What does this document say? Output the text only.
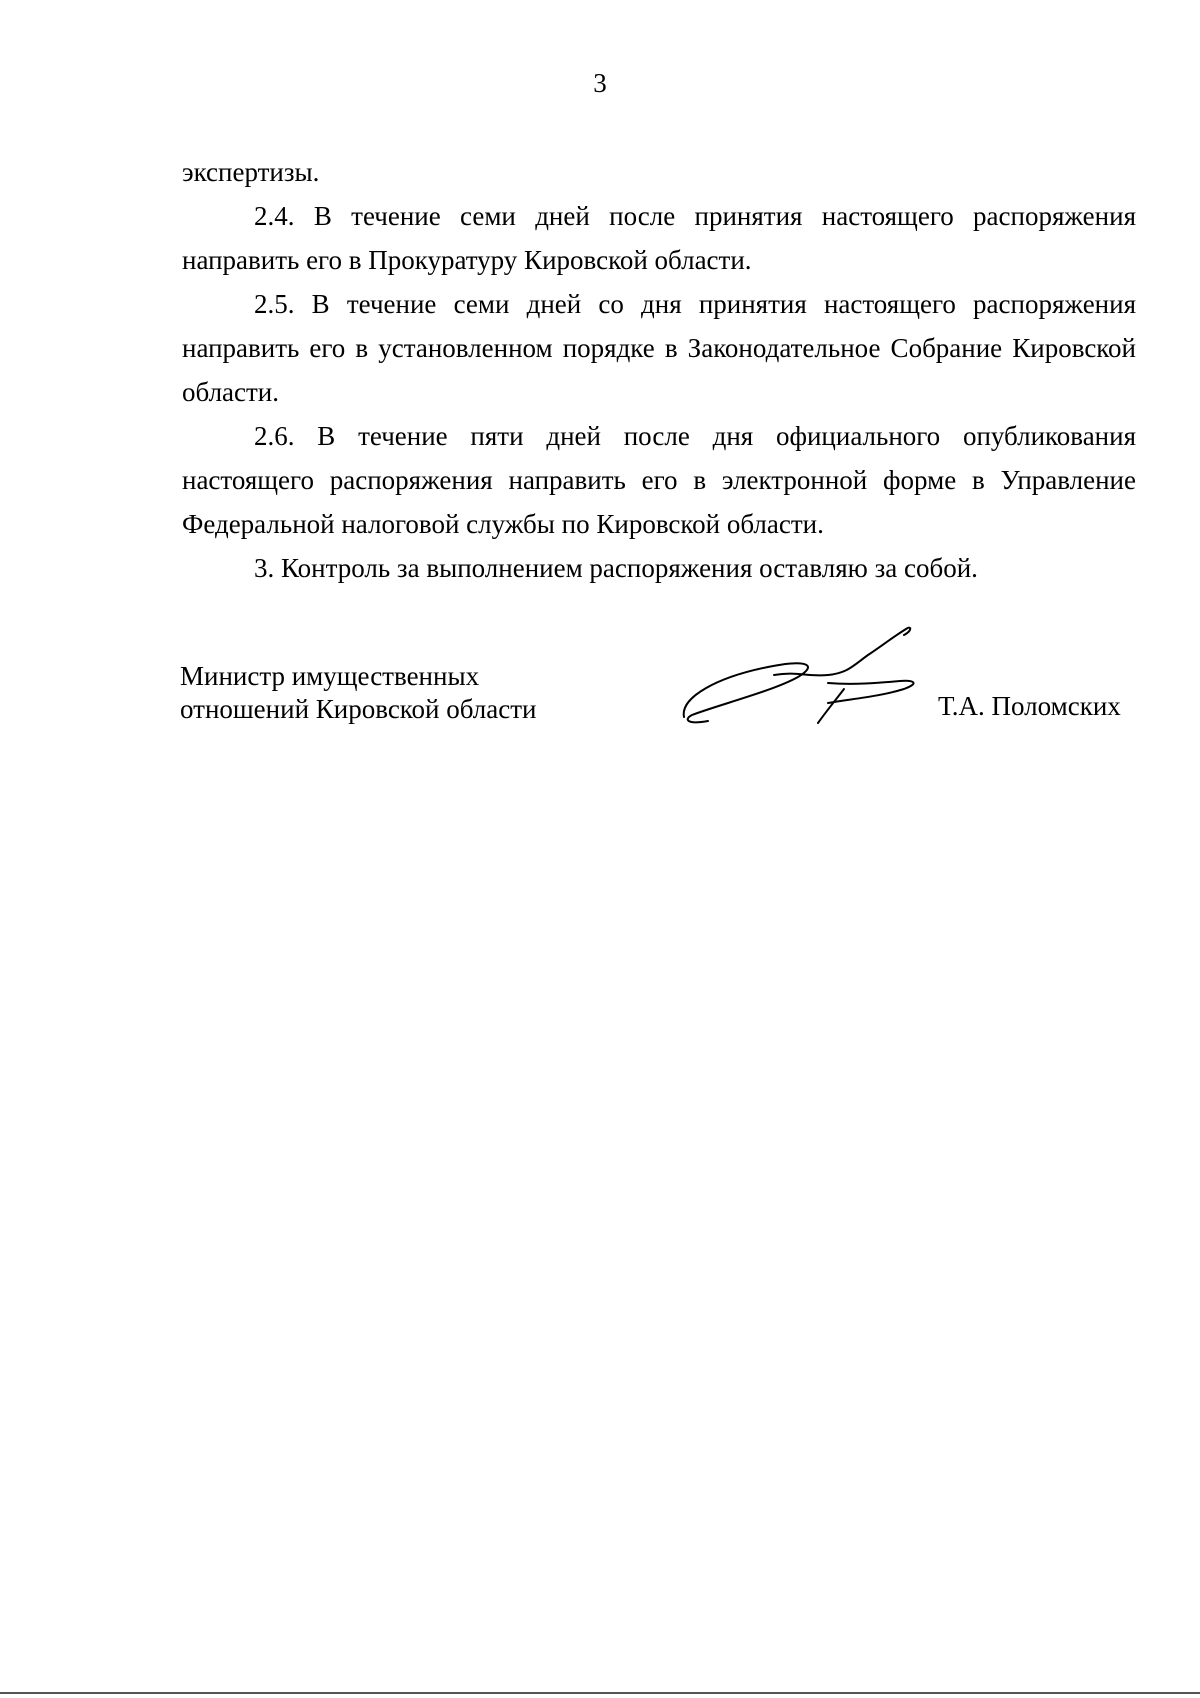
3

экспертизы.

2.4. В течение семи дней после принятия настоящего распоряжения направить его в Прокуратуру Кировской области.

2.5. В течение семи дней со дня принятия настоящего распоряжения направить его в установленном порядке в Законодательное Собрание Кировской области.

2.6. В течение пяти дней после дня официального опубликования настоящего распоряжения направить его в электронной форме в Управление Федеральной налоговой службы по Кировской области.

3. Контроль за выполнением распоряжения оставляю за собой.

Министр имущественных
отношений Кировской области	Т.А. Поломских
